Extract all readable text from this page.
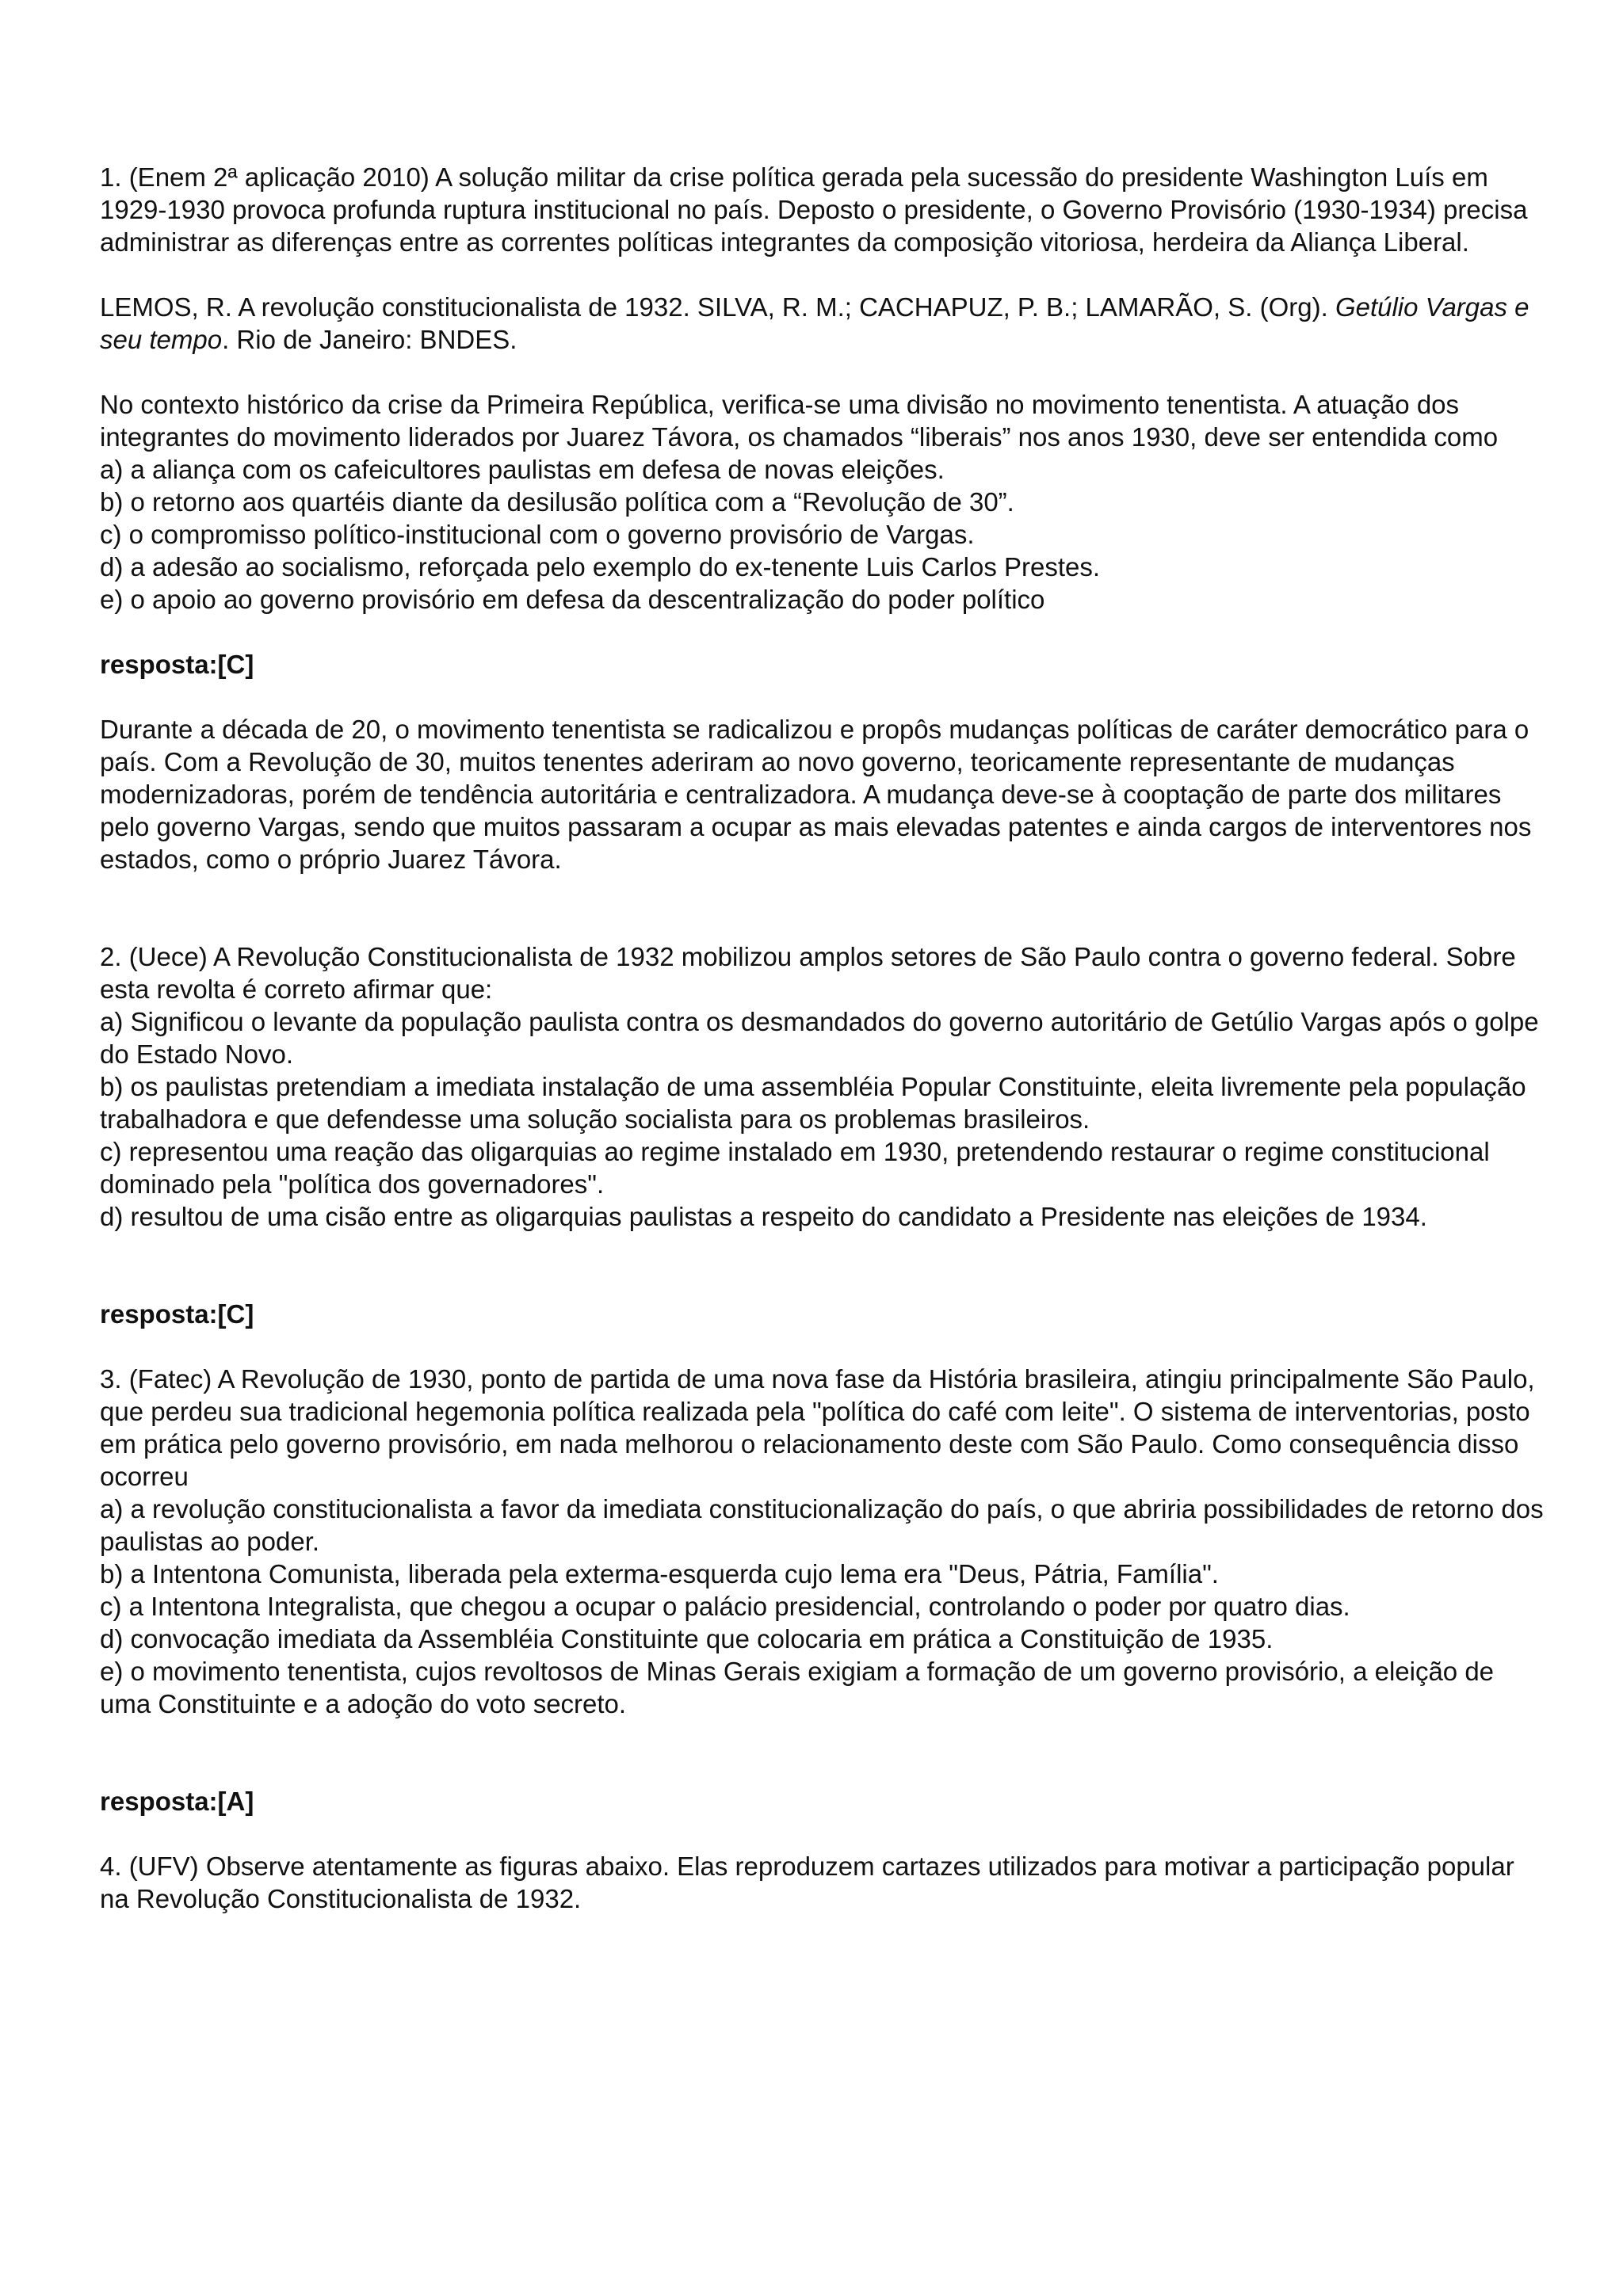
1. (Enem 2ª aplicação 2010) A solução militar da crise política gerada pela sucessão do presidente Washington Luís em 1929-1930 provoca profunda ruptura institucional no país. Deposto o presidente, o Governo Provisório (1930-1934) precisa administrar as diferenças entre as correntes políticas integrantes da composição vitoriosa, herdeira da Aliança Liberal.

LEMOS, R. A revolução constitucionalista de 1932. SILVA, R. M.; CACHAPUZ, P. B.; LAMARÃO, S. (Org). Getúlio Vargas e seu tempo. Rio de Janeiro: BNDES.

No contexto histórico da crise da Primeira República, verifica-se uma divisão no movimento tenentista. A atuação dos integrantes do movimento liderados por Juarez Távora, os chamados “liberais” nos anos 1930, deve ser entendida como

a) a aliança com os cafeicultores paulistas em defesa de novas eleições.

b) o retorno aos quartéis diante da desilusão política com a “Revolução de 30”.

c) o compromisso político-institucional com o governo provisório de Vargas.

d) a adesão ao socialismo, reforçada pelo exemplo do ex-tenente Luis Carlos Prestes.

e) o apoio ao governo provisório em defesa da descentralização do poder político

resposta:[C]

Durante a década de 20, o movimento tenentista se radicalizou e propôs mudanças políticas de caráter democrático para o país. Com a Revolução de 30, muitos tenentes aderiram ao novo governo, teoricamente representante de mudanças modernizadoras, porém de tendência autoritária e centralizadora. A mudança deve-se à cooptação de parte dos militares pelo governo Vargas, sendo que muitos passaram a ocupar as mais elevadas patentes e ainda cargos de interventores nos estados, como o próprio Juarez Távora.

2. (Uece) A Revolução Constitucionalista de 1932 mobilizou amplos setores de São Paulo contra o governo federal. Sobre esta revolta é correto afirmar que:

a) Significou o levante da população paulista contra os desmandados do governo autoritário de Getúlio Vargas após o golpe do Estado Novo.

b) os paulistas pretendiam a imediata instalação de uma assembléia Popular Constituinte, eleita livremente pela população trabalhadora e que defendesse uma solução socialista para os problemas brasileiros.

c) representou uma reação das oligarquias ao regime instalado em 1930, pretendendo restaurar o regime constitucional dominado pela "política dos governadores".

d) resultou de uma cisão entre as oligarquias paulistas a respeito do candidato a Presidente nas eleições de 1934.

resposta:[C]

3. (Fatec) A Revolução de 1930, ponto de partida de uma nova fase da História brasileira, atingiu principalmente São Paulo, que perdeu sua tradicional hegemonia política realizada pela "política do café com leite". O sistema de interventorias, posto em prática pelo governo provisório, em nada melhorou o relacionamento deste com São Paulo. Como consequência disso ocorreu

a) a revolução constitucionalista a favor da imediata constitucionalização do país, o que abriria possibilidades de retorno dos paulistas ao poder.

b) a Intentona Comunista, liberada pela exterma-esquerda cujo lema era "Deus, Pátria, Família".

c) a Intentona Integralista, que chegou a ocupar o palácio presidencial, controlando o poder por quatro dias.

d) convocação imediata da Assembléia Constituinte que colocaria em prática a Constituição de 1935.

e) o movimento tenentista, cujos revoltosos de Minas Gerais exigiam a formação de um governo provisório, a eleição de uma Constituinte e a adoção do voto secreto.

resposta:[A]

4. (UFV) Observe atentamente as figuras abaixo. Elas reproduzem cartazes utilizados para motivar a participação popular na Revolução Constitucionalista de 1932.
